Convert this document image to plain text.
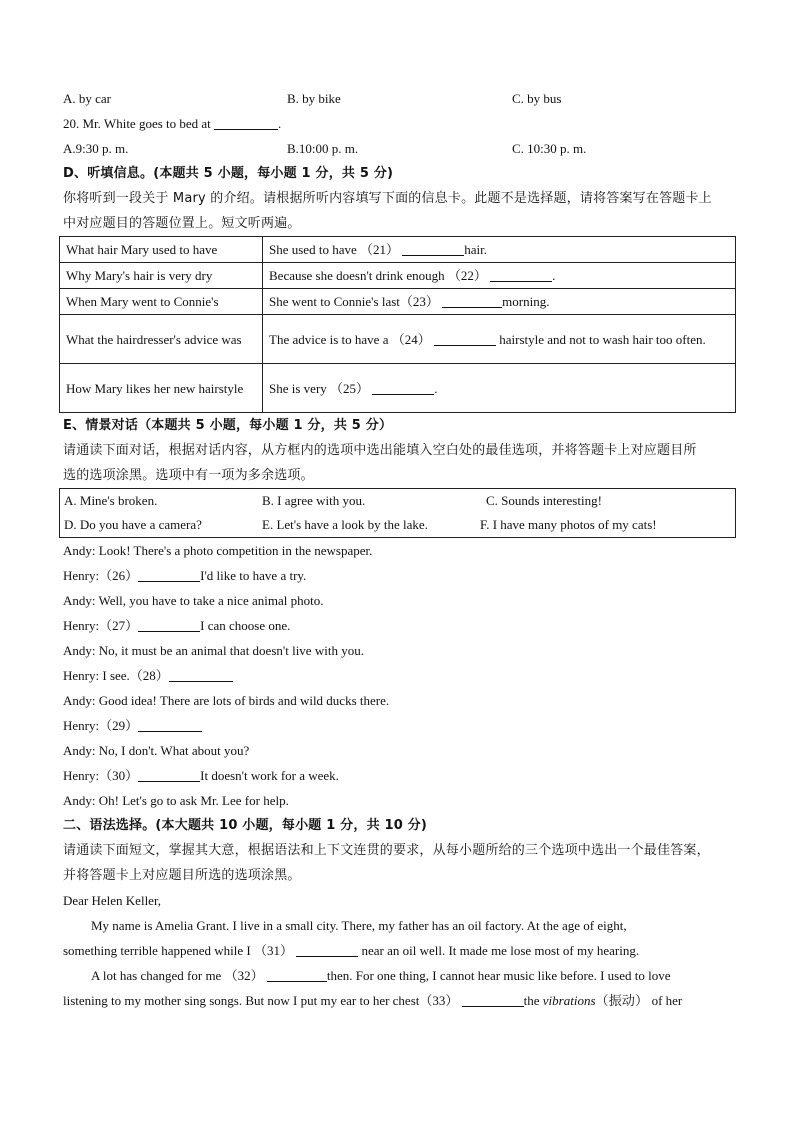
A. by car	B. by bike	C. by bus
20. Mr. White goes to bed at	.
A.9:30 p. m.	B.10:00 p. m.	C. 10:30 p. m.
D、听填信息。(本题共 5 小题，每小题 1 分，共 5 分)
你将听到一段关于 Mary 的介绍。请根据所听内容填写下面的信息卡。此题不是选择题，请将答案写在答题卡上
中对应题目的答题位置上。短文听两遍。
What hair Mary used to have	She used to have （21） hair.
Why Mary's hair is very dry	Because she doesn't drink enough （22） .
When Mary went to Connie's	She went to Connie's last（23） morning.
What the hairdresser's advice was	The advice is to have a （24） hairstyle and not to wash hair too often.
How Mary likes her new hairstyle	She is very （25） .
E、情景对话（本题共 5 小题，每小题 1 分，共 5 分）
请通读下面对话，根据对话内容，从方框内的选项中选出能填入空白处的最佳选项，并将答题卡上对应题目所
选的选项涂黑。选项中有一项为多余选项。
A. Mine's broken.	B. I agree with you.	C. Sounds interesting!
D. Do you have a camera?	E. Let's have a look by the lake.	F. I have many photos of my cats!
Andy: Look! There's a photo competition in the newspaper.
Henry:（26）	I'd like to have a try.
Andy: Well, you have to take a nice animal photo.
Henry:（27）	I can choose one.
Andy: No, it must be an animal that doesn't live with you.
Henry: I see.（28）
Andy: Good idea! There are lots of birds and wild ducks there.
Henry:（29）
Andy: No, I don't. What about you?
Henry:（30）	It doesn't work for a week.
Andy: Oh! Let's go to ask Mr. Lee for help.
二、语法选择。(本大题共 10 小题，每小题 1 分，共 10 分)
请通读下面短文，掌握其大意，根据语法和上下文连贯的要求，从每小题所给的三个选项中选出一个最佳答案，
并将答题卡上对应题目所选的选项涂黑。
Dear Helen Keller,
My name is Amelia Grant. I live in a small city. There, my father has an oil factory. At the age of eight,
something terrible happened while I （31）	near an oil well. It made me lose most of my hearing.
A lot has changed for me （32）	then. For one thing, I cannot hear music like before. I used to love
listening to my mother sing songs. But now I put my ear to her chest（33）	the vibrations（振动） of her
